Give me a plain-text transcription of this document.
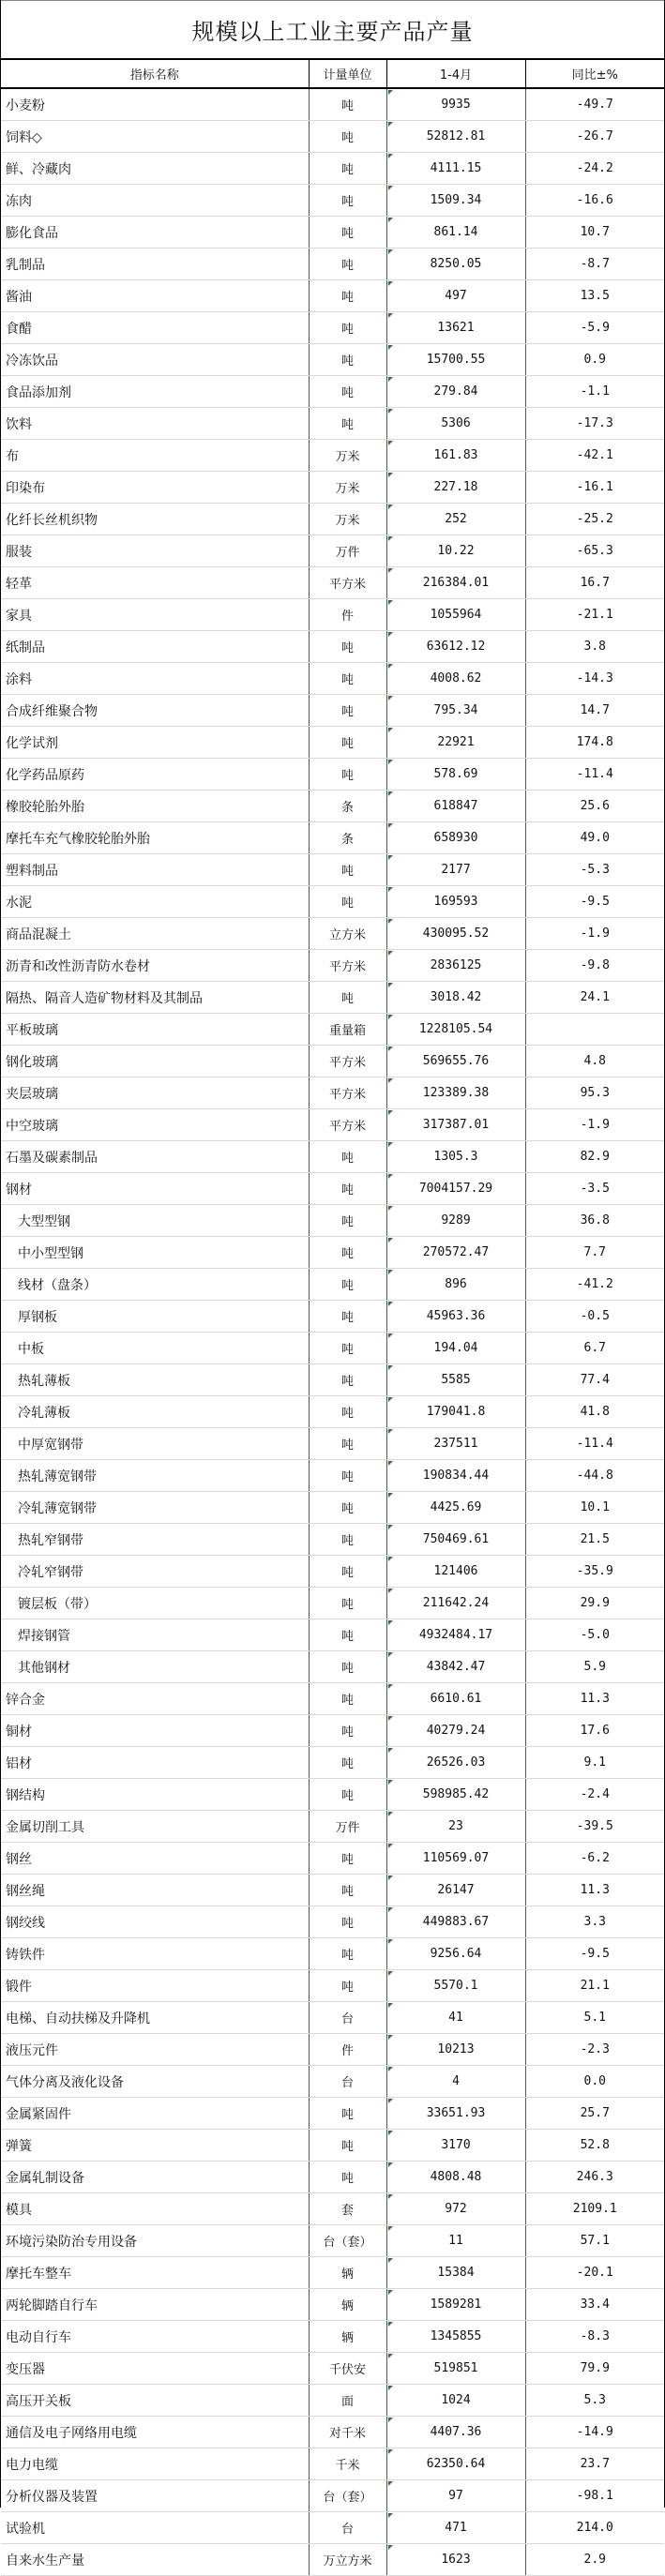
规模以上工业主要产品产量
指标名称	计量单位	1-4月	同比±%
小麦粉	吨	9935	-49.7
饲料◇	吨	52812.81	-26.7
鲜、冷藏肉	吨	4111.15	-24.2
冻肉	吨	1509.34	-16.6
膨化食品	吨	861.14	10.7
乳制品	吨	8250.05	-8.7
酱油	吨	497	13.5
食醋	吨	13621	-5.9
冷冻饮品	吨	15700.55	0.9
食品添加剂	吨	279.84	-1.1
饮料	吨	5306	-17.3
布	万米	161.83	-42.1
印染布	万米	227.18	-16.1
化纤长丝机织物	万米	252	-25.2
服装	万件	10.22	-65.3
轻革	平方米	216384.01	16.7
家具	件	1055964	-21.1
纸制品	吨	63612.12	3.8
涂料	吨	4008.62	-14.3
合成纤维聚合物	吨	795.34	14.7
化学试剂	吨	22921	174.8
化学药品原药	吨	578.69	-11.4
橡胶轮胎外胎	条	618847	25.6
摩托车充气橡胶轮胎外胎	条	658930	49.0
塑料制品	吨	2177	-5.3
水泥	吨	169593	-9.5
商品混凝土	立方米	430095.52	-1.9
沥青和改性沥青防水卷材	平方米	2836125	-9.8
隔热、隔音人造矿物材料及其制品	吨	3018.42	24.1
平板玻璃	重量箱	1228105.54	
钢化玻璃	平方米	569655.76	4.8
夹层玻璃	平方米	123389.38	95.3
中空玻璃	平方米	317387.01	-1.9
石墨及碳素制品	吨	1305.3	82.9
钢材	吨	7004157.29	-3.5
大型型钢	吨	9289	36.8
中小型型钢	吨	270572.47	7.7
线材（盘条）	吨	896	-41.2
厚钢板	吨	45963.36	-0.5
中板	吨	194.04	6.7
热轧薄板	吨	5585	77.4
冷轧薄板	吨	179041.8	41.8
中厚宽钢带	吨	237511	-11.4
热轧薄宽钢带	吨	190834.44	-44.8
冷轧薄宽钢带	吨	4425.69	10.1
热轧窄钢带	吨	750469.61	21.5
冷轧窄钢带	吨	121406	-35.9
镀层板（带）	吨	211642.24	29.9
焊接钢管	吨	4932484.17	-5.0
其他钢材	吨	43842.47	5.9
锌合金	吨	6610.61	11.3
铜材	吨	40279.24	17.6
铝材	吨	26526.03	9.1
钢结构	吨	598985.42	-2.4
金属切削工具	万件	23	-39.5
钢丝	吨	110569.07	-6.2
钢丝绳	吨	26147	11.3
钢绞线	吨	449883.67	3.3
铸铁件	吨	9256.64	-9.5
锻件	吨	5570.1	21.1
电梯、自动扶梯及升降机	台	41	5.1
液压元件	件	10213	-2.3
气体分离及液化设备	台	4	0.0
金属紧固件	吨	33651.93	25.7
弹簧	吨	3170	52.8
金属轧制设备	吨	4808.48	246.3
模具	套	972	2109.1
环境污染防治专用设备	台（套）	11	57.1
摩托车整车	辆	15384	-20.1
两轮脚踏自行车	辆	1589281	33.4
电动自行车	辆	1345855	-8.3
变压器	千伏安	519851	79.9
高压开关板	面	1024	5.3
通信及电子网络用电缆	对千米	4407.36	-14.9
电力电缆	千米	62350.64	23.7
分析仪器及装置	台（套）	97	-98.1
试验机	台	471	214.0
自来水生产量	万立方米	1623	2.9
